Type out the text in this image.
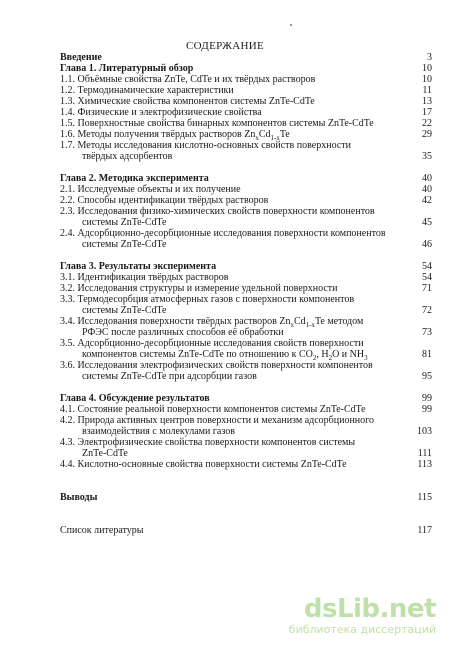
СОДЕРЖАНИЕ
Введение	3
Глава 1. Литературный обзор	10
1.1. Объёмные свойства ZnTe, CdTe и их твёрдых растворов	10
1.2. Термодинамические характеристики	11
1.3. Химические свойства компонентов системы ZnTe-CdTe	13
1.4. Физические и электрофизические свойства	17
1.5. Поверхностные свойства бинарных компонентов системы ZnTe-CdTe	22
1.6. Методы получения твёрдых растворов $Zn_xCd_{1-x}Te$	29
1.7. Методы исследования кислотно-основных свойств поверхности
твёрдых адсорбентов	35
Глава 2. Методика эксперимента	40
2.1. Исследуемые объекты и их получение	40
2.2. Способы идентификации твёрдых растворов	42
2.3. Исследования физико-химических свойств поверхности компонентов
системы ZnTe-CdTe	45
2.4. Адсорбционно-десорбционные исследования поверхности компонентов
системы ZnTe-CdTe	46
Глава 3. Результаты эксперимента	54
3.1. Идентификация твёрдых растворов	54
3.2. Исследования структуры и измерение удельной поверхности	71
3.3. Термодесорбция атмосферных газов с поверхности компонентов
системы ZnTe-CdTe	72
3.4. Исследования поверхности твёрдых растворов $Zn_xCd_{1-x}Te$ методом
РФЭС после различных способов её обработки	73
3.5. Адсорбционно-десорбционные исследования свойств поверхности
компонентов системы ZnTe-CdTe по отношению к $CO_2$, $H_2O$ и $NH_3$	81
3.6. Исследования электрофизических свойств поверхности компонентов
системы ZnTe-CdTe при адсорбции газов	95
Глава 4. Обсуждение результатов	99
4.1. Состояние реальной поверхности компонентов системы ZnTe-CdTe	99
4.2. Природа активных центров поверхности и механизм адсорбционного
взаимодействия с молекулами газов	103
4.3. Электрофизические свойства поверхности компонентов системы
ZnTe-CdTe	111
4.4. Кислотно-основные свойства поверхности системы ZnTe-CdTe	113
Выводы	115
Список литературы	117
dsLib.net
библиотека диссертаций
